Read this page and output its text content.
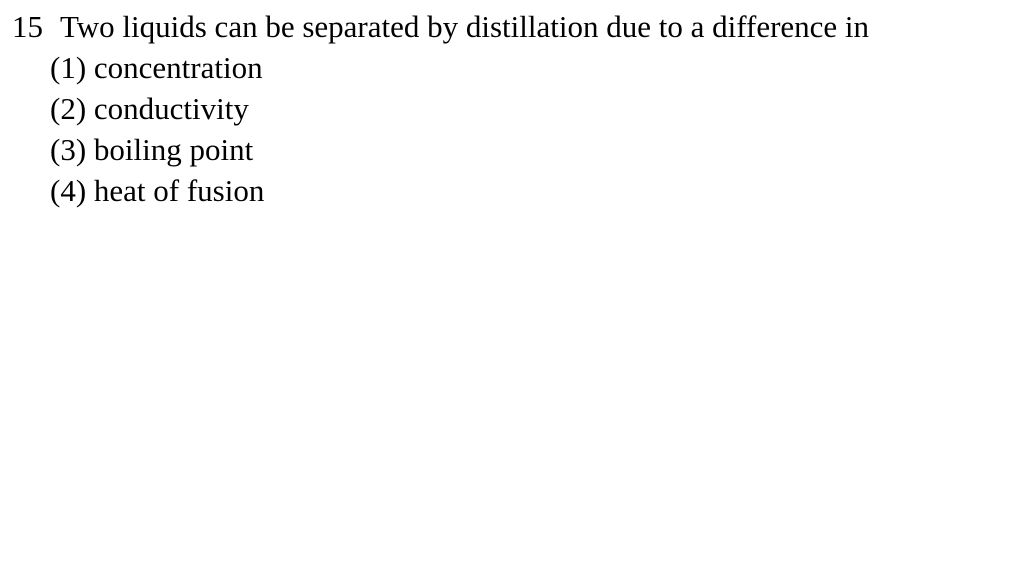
15 Two liquids can be separated by distillation due to a difference in
(1) concentration
(2) conductivity
(3) boiling point
(4) heat of fusion
